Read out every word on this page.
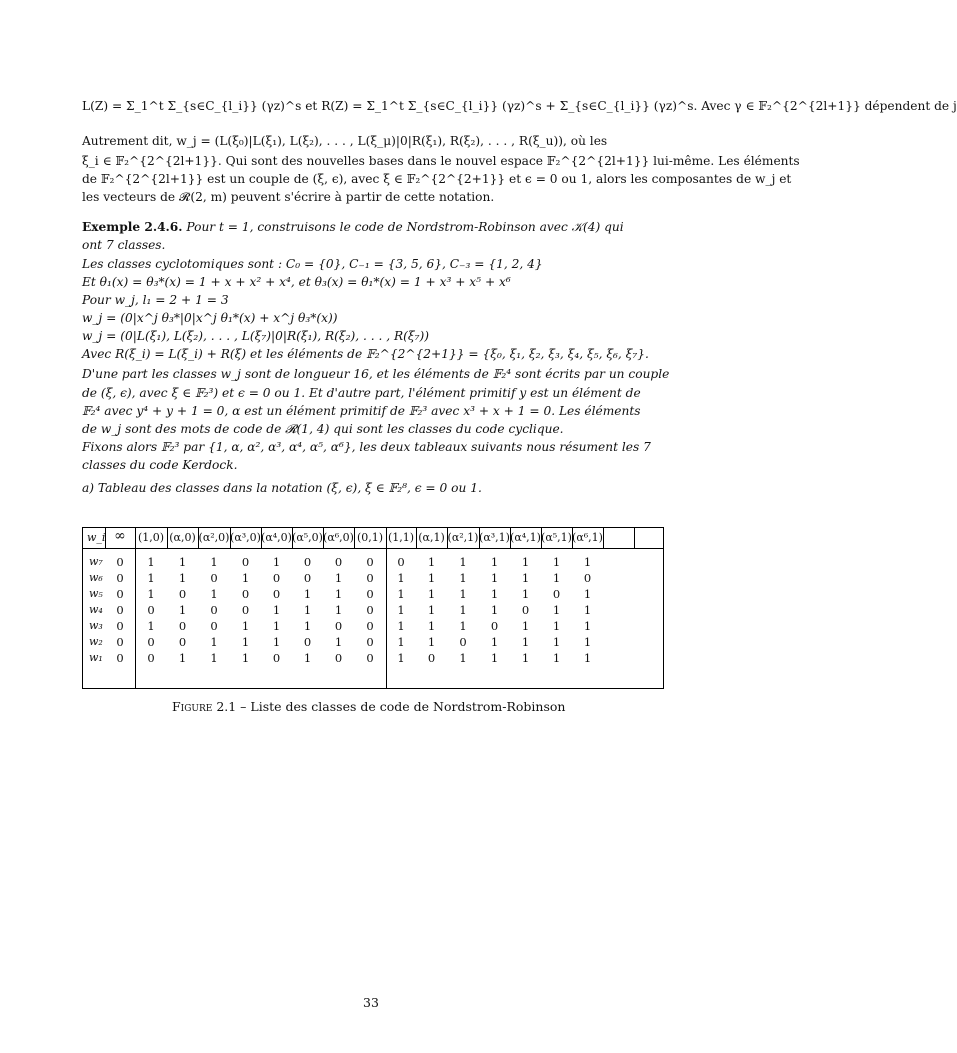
L(Z) = Σ_1^t Σ_{s∈C_{l_i}} (γz)^s et R(Z) = Σ_1^t Σ_{s∈C_{l_i}} (γz)^s + Σ_{s∈C_{l_i}} (γz)^s. Avec γ ∈ 𝔽₂^{2^{2l+1}} dépendent de j
Autrement dit, w_j = (L(ξ₀)|L(ξ₁), L(ξ₂), . . . , L(ξ_μ)|0|R(ξ₁), R(ξ₂), . . . , R(ξ_u)), où les
ξ_i ∈ 𝔽₂^{2^{2l+1}}. Qui sont des nouvelles bases dans le nouvel espace 𝔽₂^{2^{2l+1}} lui-même. Les éléments
de 𝔽₂^{2^{2l+1}} est un couple de (ξ, ϵ), avec ξ ∈ 𝔽₂^{2^{2+1}} et ϵ = 0 ou 1, alors les composantes de w_j et
les vecteurs de 𝓡(2, m) peuvent s'écrire à partir de cette notation.
Exemple 2.4.6. Pour t = 1, construisons le code de Nordstrom-Robinson avec 𝒦(4) qui
ont 7 classes.
Les classes cyclotomiques sont : C₀ = {0}, C₋₁ = {3, 5, 6}, C₋₃ = {1, 2, 4}
Et θ₁(x) = θ₃*(x) = 1 + x + x² + x⁴, et θ₃(x) = θ₁*(x) = 1 + x³ + x⁵ + x⁶
Pour w_j, l₁ = 2 + 1 = 3
w_j = (0|x^j θ₃*|0|x^j θ₁*(x) + x^j θ₃*(x))
w_j = (0|L(ξ₁), L(ξ₂), . . . , L(ξ₇)|0|R(ξ₁), R(ξ₂), . . . , R(ξ₇))
Avec R(ξ_i) = L(ξ_i) + R(ξ) et les éléments de 𝔽₂^{2^{2+1}} = {ξ₀, ξ₁, ξ₂, ξ₃, ξ₄, ξ₅, ξ₆, ξ₇}.
D'une part les classes w_j sont de longueur 16, et les éléments de 𝔽₂⁴ sont écrits par un couple
de (ξ, ϵ), avec ξ ∈ 𝔽₂³) et ϵ = 0 ou 1. Et d'autre part, l'élément primitif y est un élément de
𝔽₂⁴ avec y⁴ + y + 1 = 0, α est un élément primitif de 𝔽₂³ avec x³ + x + 1 = 0. Les éléments
de w_j sont des mots de code de 𝓡(1, 4) qui sont les classes du code cyclique.
Fixons alors 𝔽₂³ par {1, α, α², α³, α⁴, α⁵, α⁶}, les deux tableaux suivants nous résument les 7
classes du code Kerdock.
a) Tableau des classes dans la notation (ξ, ϵ), ξ ∈ 𝔽₂⁸, ϵ = 0 ou 1.
w_i ∞	(1,0) (α,0) (α²,0) (α³,0) (α⁴,0) (α⁵,0) (α⁶,0) (0,1) (1,1) (α,1) (α²,1) (α³,1) (α⁴,1) (α⁵,1) (α⁶,1)
w₇	0	1	1	1	0	1	0	0	0	0	1	1	1	1	1	1
w₆	0	1	1	0	1	0	0	1	0	1	1	1	1	1	1	0
w₅	0	1	0	1	0	0	1	1	0	1	1	1	1	1	0	1
w₄	0	0	1	0	0	1	1	1	0	1	1	1	1	0	1	1
w₃	0	1	0	0	1	1	1	0	0	1	1	1	0	1	1	1
w₂	0	0	0	1	1	1	0	1	0	1	1	0	1	1	1	1
w₁	0	0	1	1	1	0	1	0	0	1	0	1	1	1	1	1
Figure 2.1 – Liste des classes de code de Nordstrom-Robinson
33
